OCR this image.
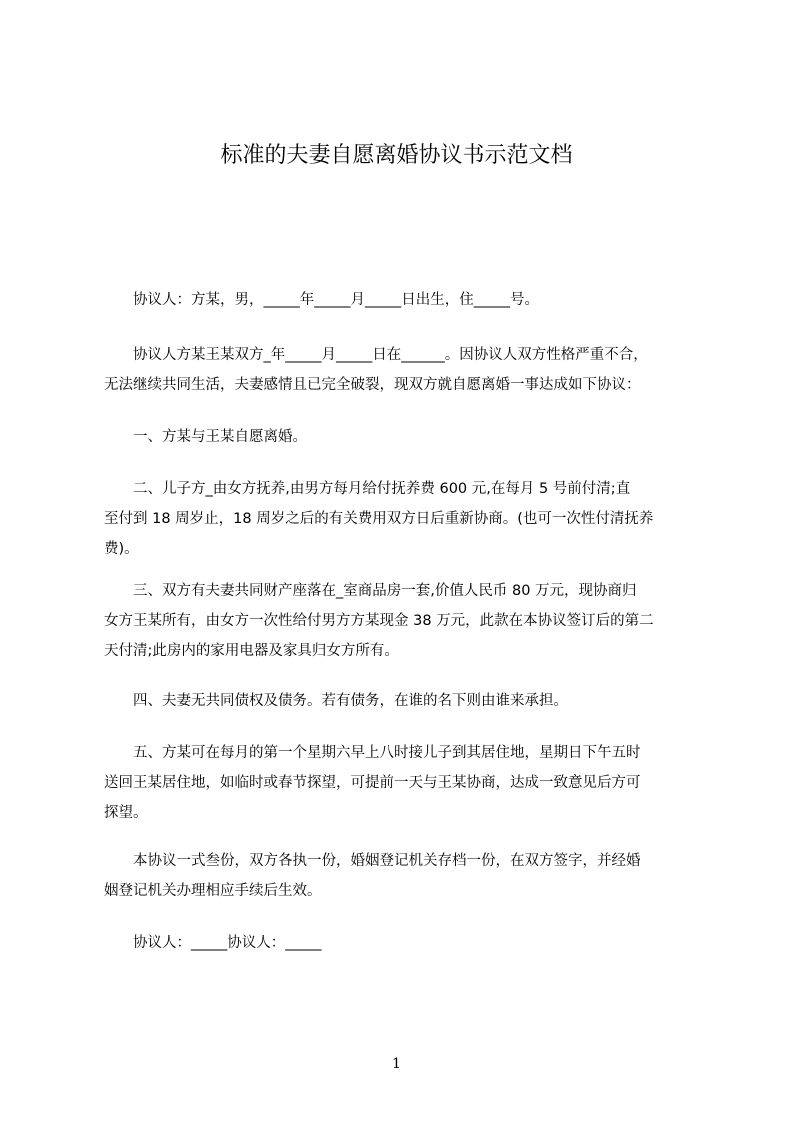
标准的夫妻自愿离婚协议书示范文档

　　协议人：方某，男，_____年_____月_____日出生，住_____号。

　　协议人方某王某双方_年_____月_____日在______。因协议人双方性格严重不合，
无法继续共同生活，夫妻感情且已完全破裂，现双方就自愿离婚一事达成如下协议：

　　一、方某与王某自愿离婚。

　　二、儿子方_由女方抚养,由男方每月给付抚养费 600 元,在每月 5 号前付清;直
至付到 18 周岁止，18 周岁之后的有关费用双方日后重新协商。(也可一次性付清抚养
费)。

　　三、双方有夫妻共同财产座落在_室商品房一套,价值人民币 80 万元，现协商归
女方王某所有，由女方一次性给付男方方某现金 38 万元，此款在本协议签订后的第二
天付清;此房内的家用电器及家具归女方所有。

　　四、夫妻无共同债权及债务。若有债务，在谁的名下则由谁来承担。

　　五、方某可在每月的第一个星期六早上八时接儿子到其居住地，星期日下午五时
送回王某居住地，如临时或春节探望，可提前一天与王某协商，达成一致意见后方可
探望。

　　本协议一式叁份，双方各执一份，婚姻登记机关存档一份，在双方签字，并经婚
姻登记机关办理相应手续后生效。

　　协议人：_____协议人：_____

1
